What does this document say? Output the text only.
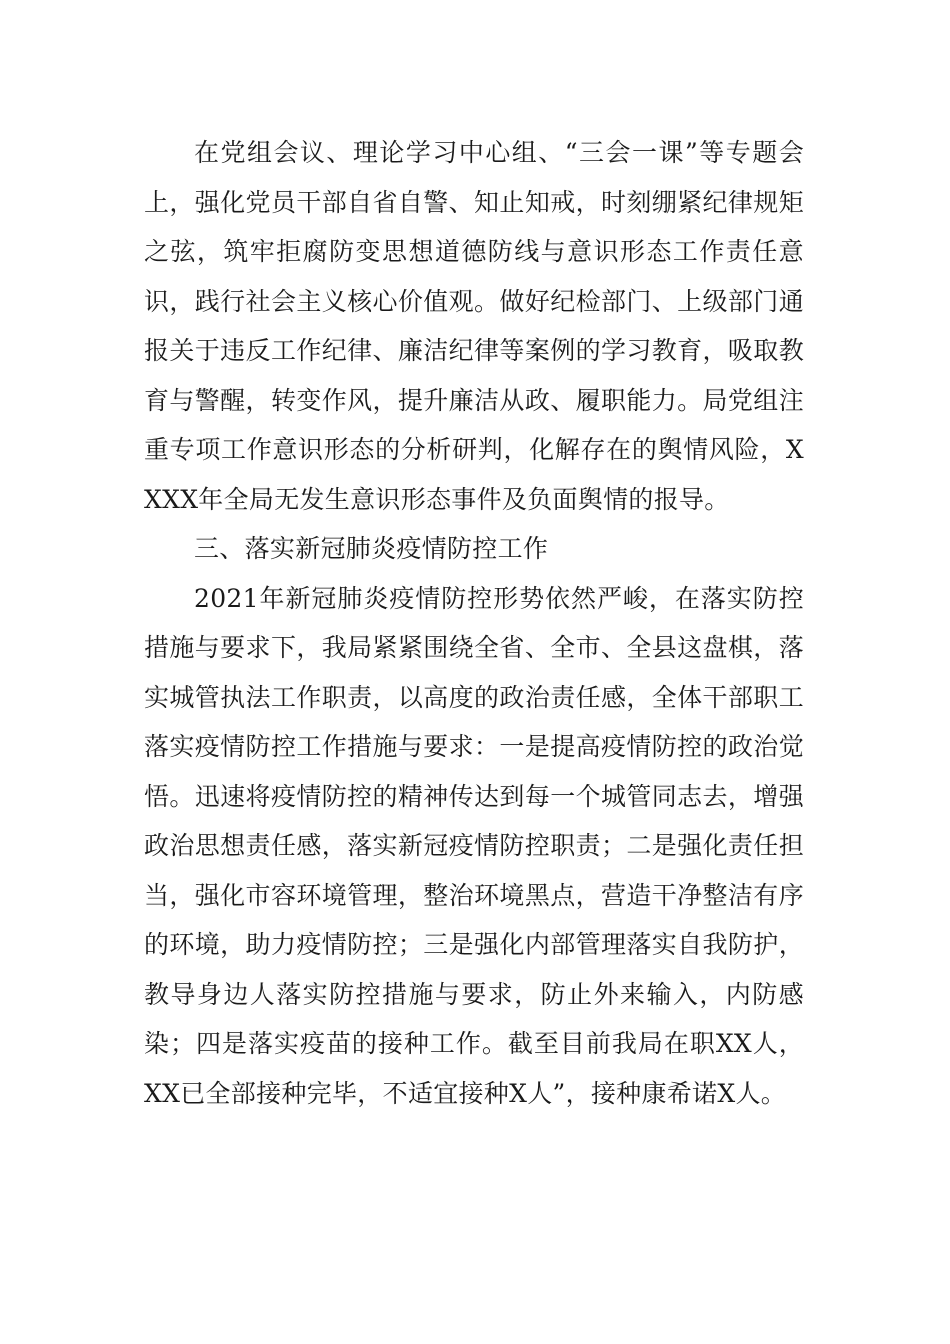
在党组会议、理论学习中心组、“三会一课”等专题会上，强化党员干部自省自警、知止知戒，时刻绷紧纪律规矩之弦，筑牢拒腐防变思想道德防线与意识形态工作责任意识，践行社会主义核心价值观。做好纪检部门、上级部门通报关于违反工作纪律、廉洁纪律等案例的学习教育，吸取教育与警醒，转变作风，提升廉洁从政、履职能力。局党组注重专项工作意识形态的分析研判，化解存在的舆情风险，XXXX年全局无发生意识形态事件及负面舆情的报导。

三、落实新冠肺炎疫情防控工作

2021年新冠肺炎疫情防控形势依然严峻，在落实防控措施与要求下，我局紧紧围绕全省、全市、全县这盘棋，落实城管执法工作职责，以高度的政治责任感，全体干部职工落实疫情防控工作措施与要求：一是提高疫情防控的政治觉悟。迅速将疫情防控的精神传达到每一个城管同志去，增强政治思想责任感，落实新冠疫情防控职责；二是强化责任担当，强化市容环境管理，整治环境黑点，营造干净整洁有序的环境，助力疫情防控；三是强化内部管理落实自我防护，教导身边人落实防控措施与要求，防止外来输入，内防感染；四是落实疫苗的接种工作。截至目前我局在职XX人，XX已全部接种完毕，不适宜接种X人”，接种康希诺X人。
